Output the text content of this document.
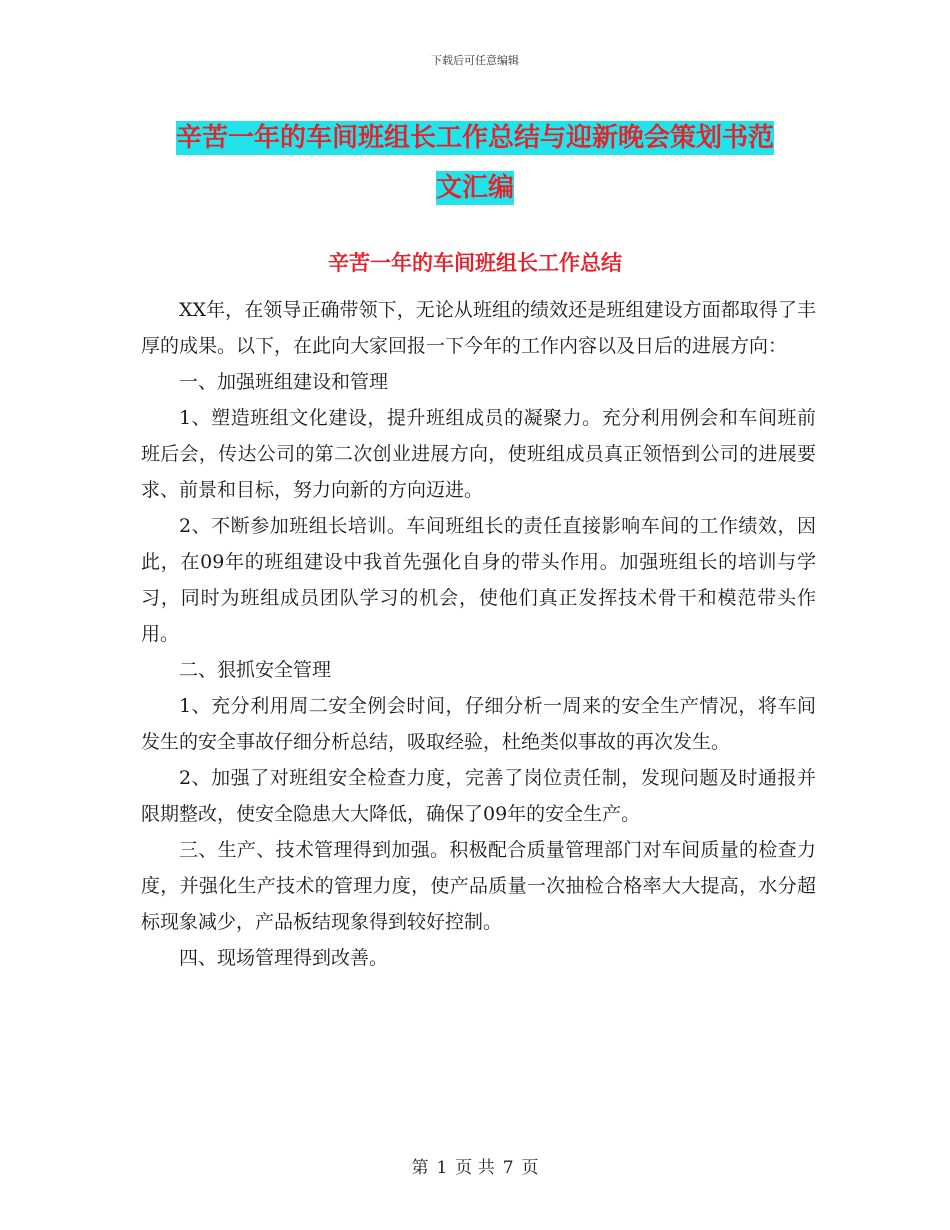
下载后可任意编辑
辛苦一年的车间班组长工作总结与迎新晚会策划书范
文汇编
辛苦一年的车间班组长工作总结

XX年，在领导正确带领下，无论从班组的绩效还是班组建设方面都取得了丰厚的成果。以下，在此向大家回报一下今年的工作内容以及日后的进展方向：

一、加强班组建设和管理

1、塑造班组文化建设，提升班组成员的凝聚力。充分利用例会和车间班前班后会，传达公司的第二次创业进展方向，使班组成员真正领悟到公司的进展要求、前景和目标，努力向新的方向迈进。

2、不断参加班组长培训。车间班组长的责任直接影响车间的工作绩效，因此，在09年的班组建设中我首先强化自身的带头作用。加强班组长的培训与学习，同时为班组成员团队学习的机会，使他们真正发挥技术骨干和模范带头作用。

二、狠抓安全管理

1、充分利用周二安全例会时间，仔细分析一周来的安全生产情况，将车间发生的安全事故仔细分析总结，吸取经验，杜绝类似事故的再次发生。

2、加强了对班组安全检查力度，完善了岗位责任制，发现问题及时通报并限期整改，使安全隐患大大降低，确保了09年的安全生产。

三、生产、技术管理得到加强。积极配合质量管理部门对车间质量的检查力度，并强化生产技术的管理力度，使产品质量一次抽检合格率大大提高，水分超标现象减少，产品板结现象得到较好控制。

四、现场管理得到改善。

第 1 页 共 7 页
